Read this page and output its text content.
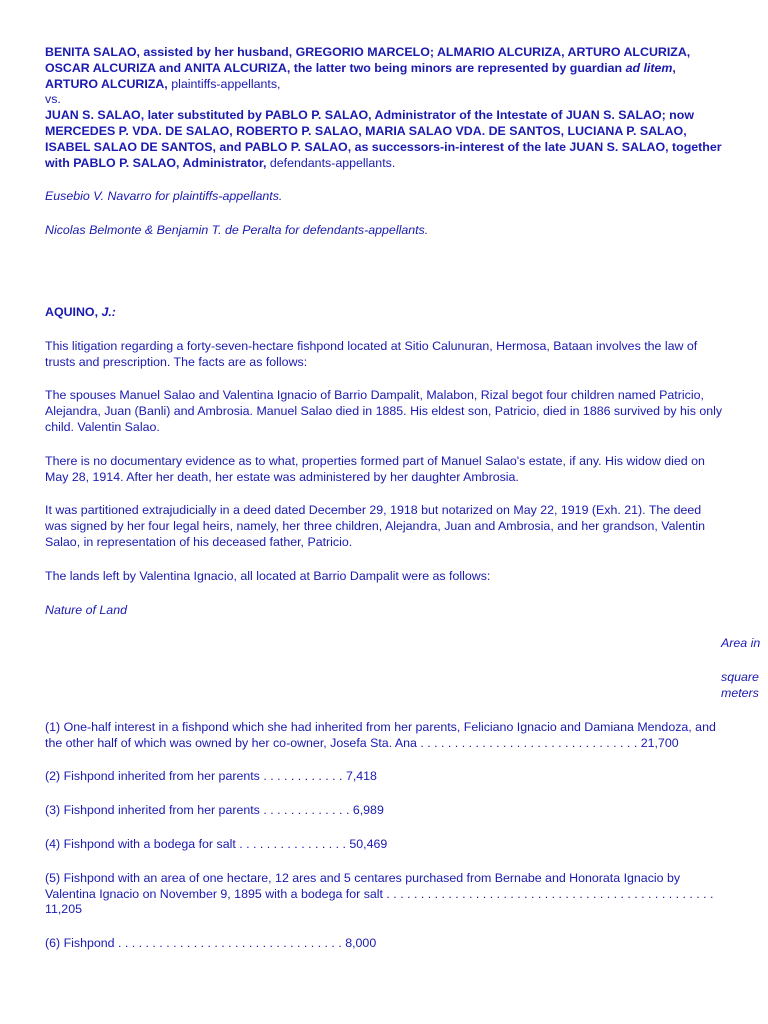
BENITA SALAO, assisted by her husband, GREGORIO MARCELO; ALMARIO ALCURIZA, ARTURO ALCURIZA, OSCAR ALCURIZA and ANITA ALCURIZA, the latter two being minors are represented by guardian ad litem, ARTURO ALCURIZA, plaintiffs-appellants,
vs.
JUAN S. SALAO, later substituted by PABLO P. SALAO, Administrator of the Intestate of JUAN S. SALAO; now MERCEDES P. VDA. DE SALAO, ROBERTO P. SALAO, MARIA SALAO VDA. DE SANTOS, LUCIANA P. SALAO, ISABEL SALAO DE SANTOS, and PABLO P. SALAO, as successors-in-interest of the late JUAN S. SALAO, together with PABLO P. SALAO, Administrator, defendants-appellants.

Eusebio V. Navarro for plaintiffs-appellants.

Nicolas Belmonte & Benjamin T. de Peralta for defendants-appellants.

AQUINO, J.:

This litigation regarding a forty-seven-hectare fishpond located at Sitio Calunuran, Hermosa, Bataan involves the law of trusts and prescription. The facts are as follows:

The spouses Manuel Salao and Valentina Ignacio of Barrio Dampalit, Malabon, Rizal begot four children named Patricio, Alejandra, Juan (Banli) and Ambrosia. Manuel Salao died in 1885. His eldest son, Patricio, died in 1886 survived by his only child. Valentin Salao.

There is no documentary evidence as to what, properties formed part of Manuel Salao's estate, if any. His widow died on May 28, 1914. After her death, her estate was administered by her daughter Ambrosia.

It was partitioned extrajudicially in a deed dated December 29, 1918 but notarized on May 22, 1919 (Exh. 21). The deed was signed by her four legal heirs, namely, her three children, Alejandra, Juan and Ambrosia, and her grandson, Valentin Salao, in representation of his deceased father, Patricio.

The lands left by Valentina Ignacio, all located at Barrio Dampalit were as follows:

Nature of Land

Area in

square

meters

(1) One-half interest in a fishpond which she had inherited from her parents, Feliciano Ignacio and Damiana Mendoza, and the other half of which was owned by her co-owner, Josefa Sta. Ana . . . . . . . . . . . . . . . . . . . . . . . . . . . . . . . . 21,700

(2) Fishpond inherited from her parents . . . . . . . . . . . . 7,418

(3) Fishpond inherited from her parents . . . . . . . . . . . . . 6,989

(4) Fishpond with a bodega for salt . . . . . . . . . . . . . . . . 50,469

(5) Fishpond with an area of one hectare, 12 ares and 5 centares purchased from Bernabe and Honorata Ignacio by Valentina Ignacio on November 9, 1895 with a bodega for salt . . . . . . . . . . . . . . . . . . . . . . . . . . . . . . . . . . . . . . . . . . . . . . . . 11,205

(6) Fishpond . . . . . . . . . . . . . . . . . . . . . . . . . . . . . . . . . 8,000
